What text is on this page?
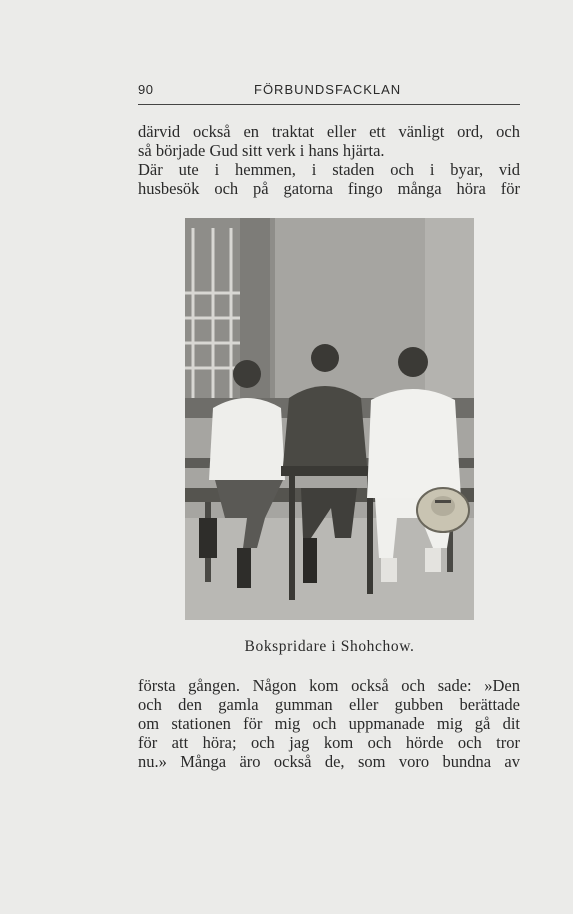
90	FÖRBUNDSFACKLAN

därvid också en traktat eller ett vänligt ord, och
så började Gud sitt verk i hans hjärta.
Där ute i hemmen, i staden och i byar, vid
husbesök och på gatorna fingo många höra för

Bokspridare i Shohchow.

första gången. Någon kom också och sade: »Den
och den gamla gumman eller gubben berättade
om stationen för mig och uppmanade mig gå dit
för att höra; och jag kom och hörde och tror
nu.» Många äro också de, som voro bundna av
